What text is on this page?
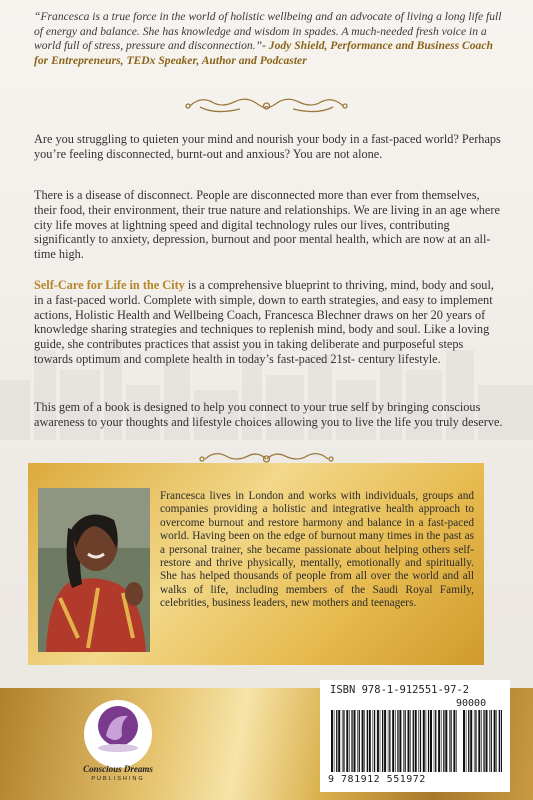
“Francesca is a true force in the world of holistic wellbeing and an advocate of living a long life full of energy and balance. She has knowledge and wisdom in spades. A much-needed fresh voice in a world full of stress, pressure and disconnection.”- Jody Shield, Performance and Business Coach for Entrepreneurs, TEDx Speaker, Author and Podcaster

Are you struggling to quieten your mind and nourish your body in a fast-paced world? Perhaps you’re feeling disconnected, burnt-out and anxious? You are not alone.

There is a disease of disconnect. People are disconnected more than ever from themselves, their food, their environment, their true nature and relationships. We are living in an age where city life moves at lightning speed and digital technology rules our lives, contributing significantly to anxiety, depression, burnout and poor mental health, which are now at an all-time high.

Self-Care for Life in the City is a comprehensive blueprint to thriving, mind, body and soul, in a fast-paced world. Complete with simple, down to earth strategies, and easy to implement actions, Holistic Health and Wellbeing Coach, Francesca Blechner draws on her 20 years of knowledge sharing strategies and techniques to replenish mind, body and soul. Like a loving guide, she contributes practices that assist you in taking deliberate and purposeful steps towards optimum and complete health in today’s fast-paced 21st- century lifestyle.

This gem of a book is designed to help you connect to your true self by bringing conscious awareness to your thoughts and lifestyle choices allowing you to live the life you truly deserve.

Francesca lives in London and works with individuals, groups and companies providing a holistic and integrative health approach to overcome burnout and restore harmony and balance in a fast-paced world. Having been on the edge of burnout many times in the past as a personal trainer, she became passionate about helping others self-restore and thrive physically, mentally, emotionally and spiritually. She has helped thousands of people from all over the world and all walks of life, including members of the Saudi Royal Family, celebrities, business leaders, new mothers and teenagers.

Conscious Dreams
PUBLISHING
ISBN 978-1-912551-97-2
90000
9 781912 551972
